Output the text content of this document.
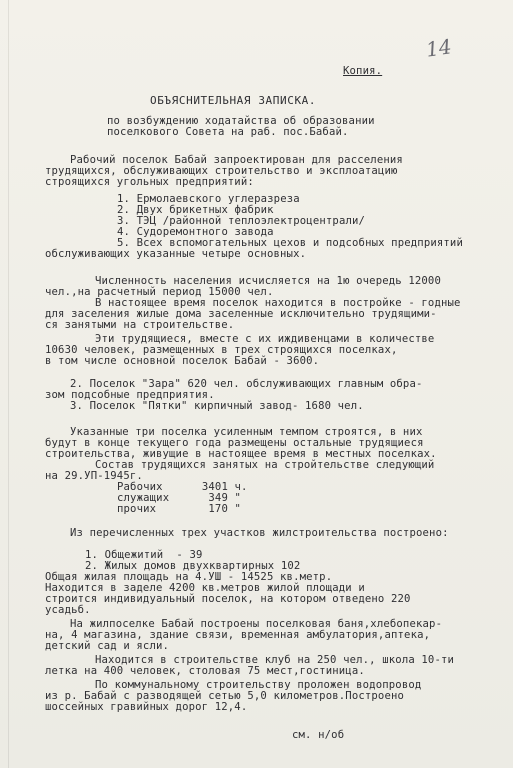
14
Копия.
ОБЪЯСНИТЕЛЬНАЯ ЗАПИСКА.
по возбуждению ходатайства об образовании
поселкового Совета на раб. пос.Бабай.
Рабочий поселок Бабай запроектирован для расселения
трудящихся, обслуживающих строительство и эксплоатацию
строящихся угольных предприятий:
1. Ермолаевского углеразреза
2. Двух брикетных фабрик
3. ТЭЦ /районной теплоэлектроцентрали/
4. Судоремонтного завода
5. Всех вспомогательных цехов и подсобных предприятий
обслуживающих указанные четыре основных.
Численность населения исчисляется на 1ю очередь 12000
чел.,на расчетный период 15000 чел.
В настоящее время поселок находится в постройке - годные
для заселения жилые дома заселенные исключительно трудящими-
ся занятыми на строительстве.
Эти трудящиеся, вместе с их иждивенцами в количестве
10630 человек, размещенных в трех строящихся поселках,
в том числе основной поселок Бабай - 3600.
2. Поселок "Зара" 620 чел. обслуживающих главным обра-
зом подсобные предприятия.
3. Поселок "Пятки" кирпичный завод- 1680 чел.
Указанные три поселка усиленным темпом строятся, в них
будут в конце текущего года размещены остальные трудящиеся
строительства, живущие в настоящее время в местных поселках.
Состав трудящихся занятых на стройтельстве следующий
на 29.УП-1945г.
Рабочих      3401 ч.
служащих      349 "
прочих        170 "
Из перечисленных трех участков жилстроительства построено:
1. Общежитий  - 39
2. Жилых домов двухквартирных 102
Общая жилая площадь на 4.УШ - 14525 кв.метр.
Находится в заделе 4200 кв.метров жилой площади и
строится индивидуальный поселок, на котором отведено 220
усадьб.
На жилпоселке Бабай построены поселковая баня,хлебопекар-
на, 4 магазина, здание связи, временная амбулатория,аптека,
детский сад и ясли.
Находится в строительстве клуб на 250 чел., школа 10-ти
летка на 400 человек, столовая 75 мест,гостиница.
По коммунальному строительству проложен водопровод
из р. Бабай с разводящей сетью 5,0 километров.Построено
шоссейных гравийных дорог 12,4.
см. н/об
